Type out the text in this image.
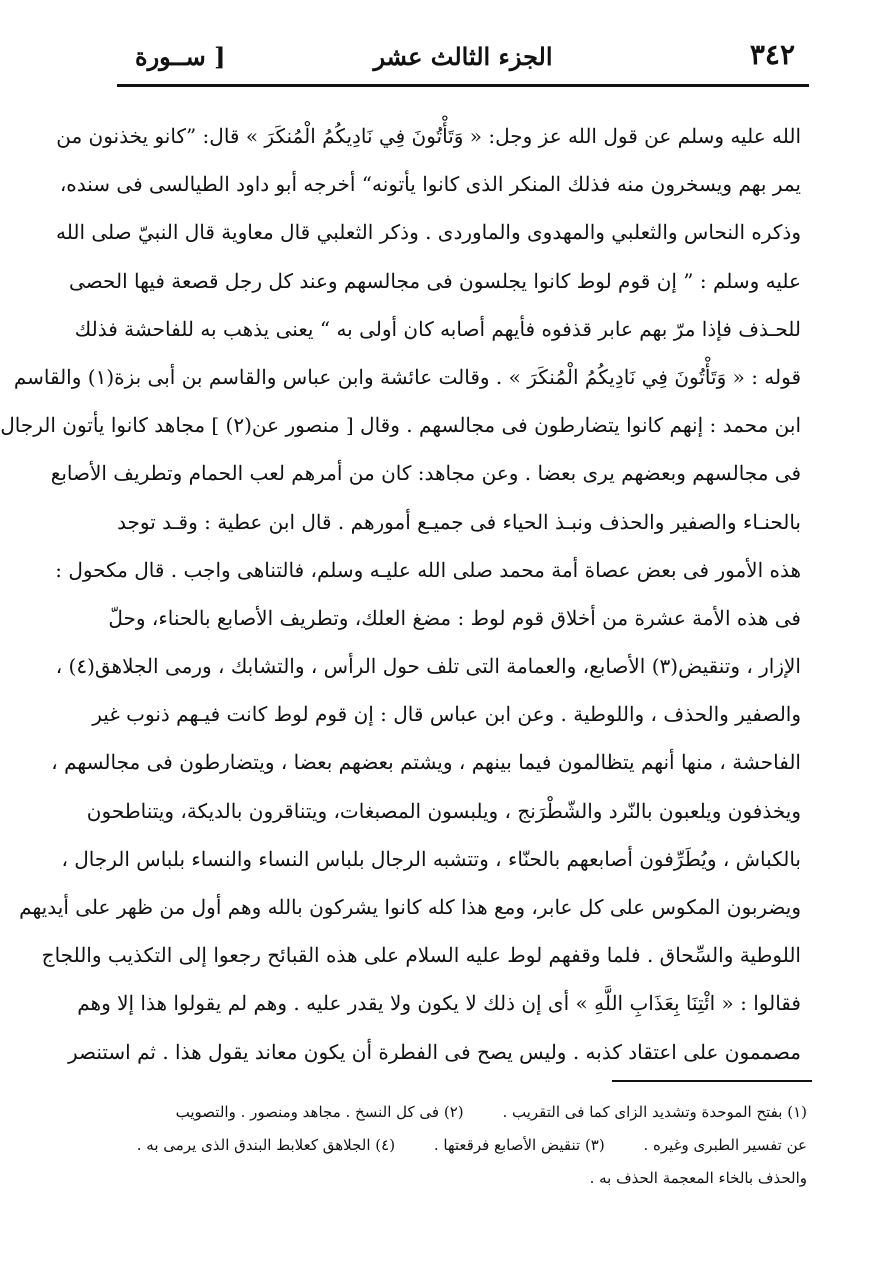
٣٤٢
الجزء الثالث عشر
[ ســورة
الله عليه وسلم عن قول الله عز وجل: « وَتَأْتُونَ فِي نَادِيكُمُ الْمُنكَرَ » قال: ”كانو يخذنون من
يمر بهم ويسخرون منه فذلك المنكر الذى كانوا يأتونه“ أخرجه أبو داود الطيالسى فى سنده،
وذكره النحاس والثعلبي والمهدوى والماوردى . وذكر الثعلبي قال معاوية قال النبيّ صلى الله
عليه وسلم : ” إن قوم لوط كانوا يجلسون فى مجالسهم وعند كل رجل قصعة فيها الحصى
للحـذف فإذا مرّ بهم عابر قذفوه فأيهم أصابه كان أولى به “ يعنى يذهب به للفاحشة فذلك
قوله : « وَتَأْتُونَ فِي نَادِيكُمُ الْمُنكَرَ » . وقالت عائشة وابن عباس والقاسم بن أبى بزة(١) والقاسم
ابن محمد : إنهم كانوا يتضارطون فى مجالسهم . وقال [ منصور عن(٢) ] مجاهد كانوا يأتون الرجال
فى مجالسهم وبعضهم يرى بعضا . وعن مجاهد: كان من أمرهم لعب الحمام وتطريف الأصابع
بالحنـاء والصفير والحذف ونبـذ الحياء فى جميـع أمورهم . قال ابن عطية : وقـد توجد
هذه الأمور فى بعض عصاة أمة محمد صلى الله عليـه وسلم، فالتناهى واجب . قال مكحول :
فى هذه الأمة عشرة من أخلاق قوم لوط : مضغ العلك، وتطريف الأصابع بالحناء، وحلّ
الإزار ، وتنقيض(٣) الأصابع، والعمامة التى تلف حول الرأس ، والتشابك ، ورمى الجلاهق(٤) ،
والصفير والحذف ، واللوطية . وعن ابن عباس قال : إن قوم لوط كانت فيـهم ذنوب غير
الفاحشة ، منها أنهم يتظالمون فيما بينهم ، ويشتم بعضهم بعضا ، ويتضارطون فى مجالسهم ،
ويخذفون ويلعبون بالنّرد والشّطْرَنج ، ويلبسون المصبغات، ويتناقرون بالديكة، ويتناطحون
بالكباش ، ويُطَرِّفون أصابعهم بالحنّاء ، وتتشبه الرجال بلباس النساء والنساء بلباس الرجال ،
ويضربون المكوس على كل عابر، ومع هذا كله كانوا يشركون بالله وهم أول من ظهر على أيديهم
اللوطية والسِّحاق . فلما وقفهم لوط عليه السلام على هذه القبائح رجعوا إلى التكذيب واللجاج
فقالوا : « ائْتِنَا بِعَذَابِ اللَّهِ » أى إن ذلك لا يكون ولا يقدر عليه . وهم لم يقولوا هذا إلا وهم
مصممون على اعتقاد كذبه . وليس يصح فى الفطرة أن يكون معاند يقول هذا . ثم استنصر
(١) بفتح الموحدة وتشديد الزاى كما فى التقريب . (٢) فى كل النسخ . مجاهد ومنصور . والتصويب
عن تفسير الطبرى وغيره . (٣) تنقيض الأصابع فرقعتها . (٤) الجلاهق كعلابط البندق الذى يرمى به .
والحذف بالخاء المعجمة الحذف به .
